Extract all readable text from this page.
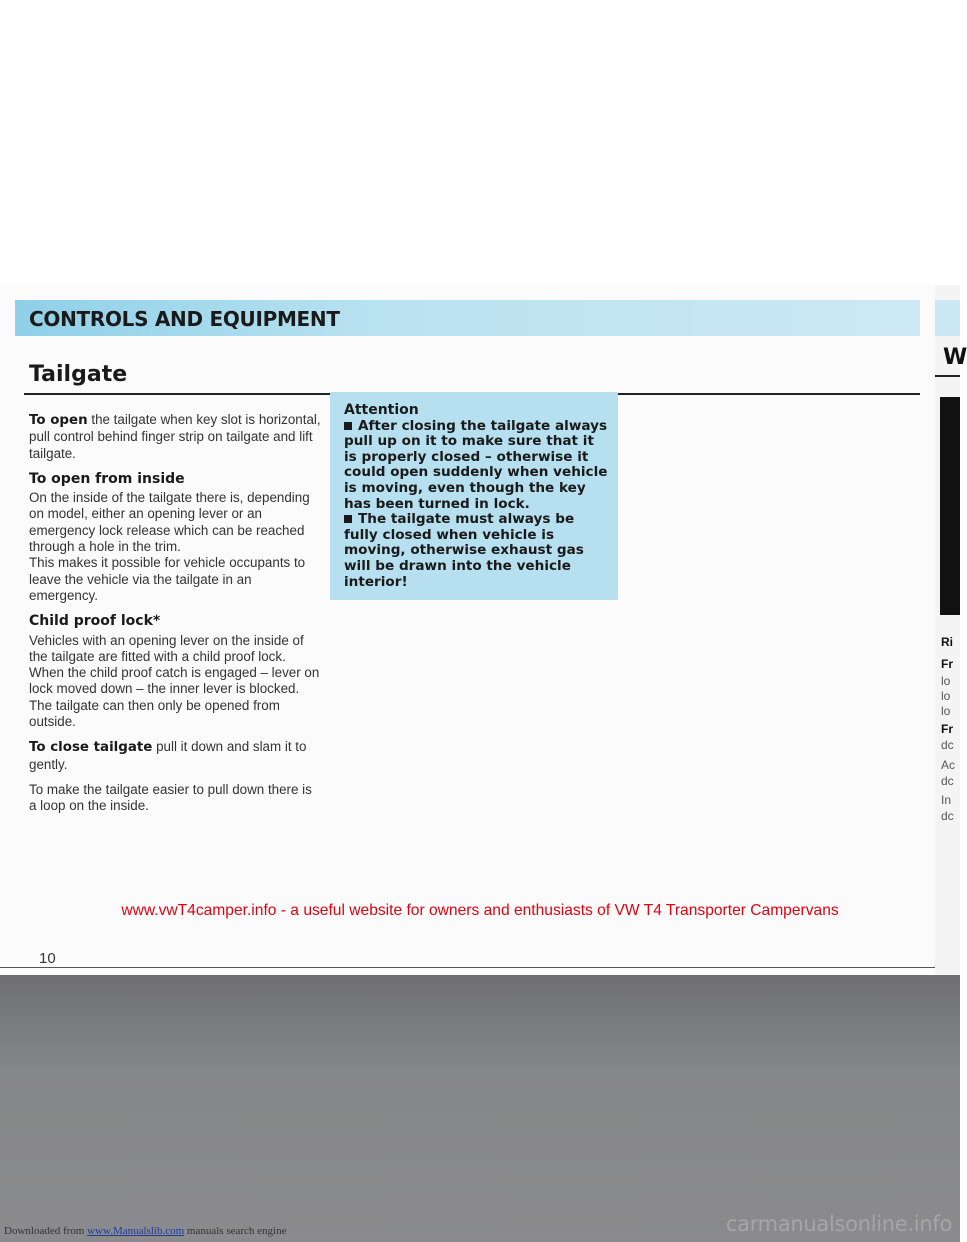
CONTROLS AND EQUIPMENT
Tailgate

To open the tailgate when key slot is horizontal, pull control behind finger strip on tailgate and lift tailgate.

To open from inside

On the inside of the tailgate there is, depending on model, either an opening lever or an emergency lock release which can be reached through a hole in the trim.
This makes it possible for vehicle occupants to leave the vehicle via the tailgate in an emergency.

Child proof lock*

Vehicles with an opening lever on the inside of the tailgate are fitted with a child proof lock.
When the child proof catch is engaged – lever on lock moved down – the inner lever is blocked. The tailgate can then only be opened from outside.

To close tailgate pull it down and slam it to gently.

To make the tailgate easier to pull down there is a loop on the inside.

Attention

After closing the tailgate always pull up on it to make sure that it is properly closed – otherwise it could open suddenly when vehicle is moving, even though the key has been turned in lock.

The tailgate must always be fully closed when vehicle is moving, otherwise exhaust gas will be drawn into the vehicle interior!

www.vwT4camper.info - a useful website for owners and enthusiasts of VW T4 Transporter Campervans

10

W
Ri
Fr
lo
lo
lo
Fr
dc
Ac
dc
In
dc
Downloaded from www.Manualslib.com manuals search engine	carmanualsonline.info
